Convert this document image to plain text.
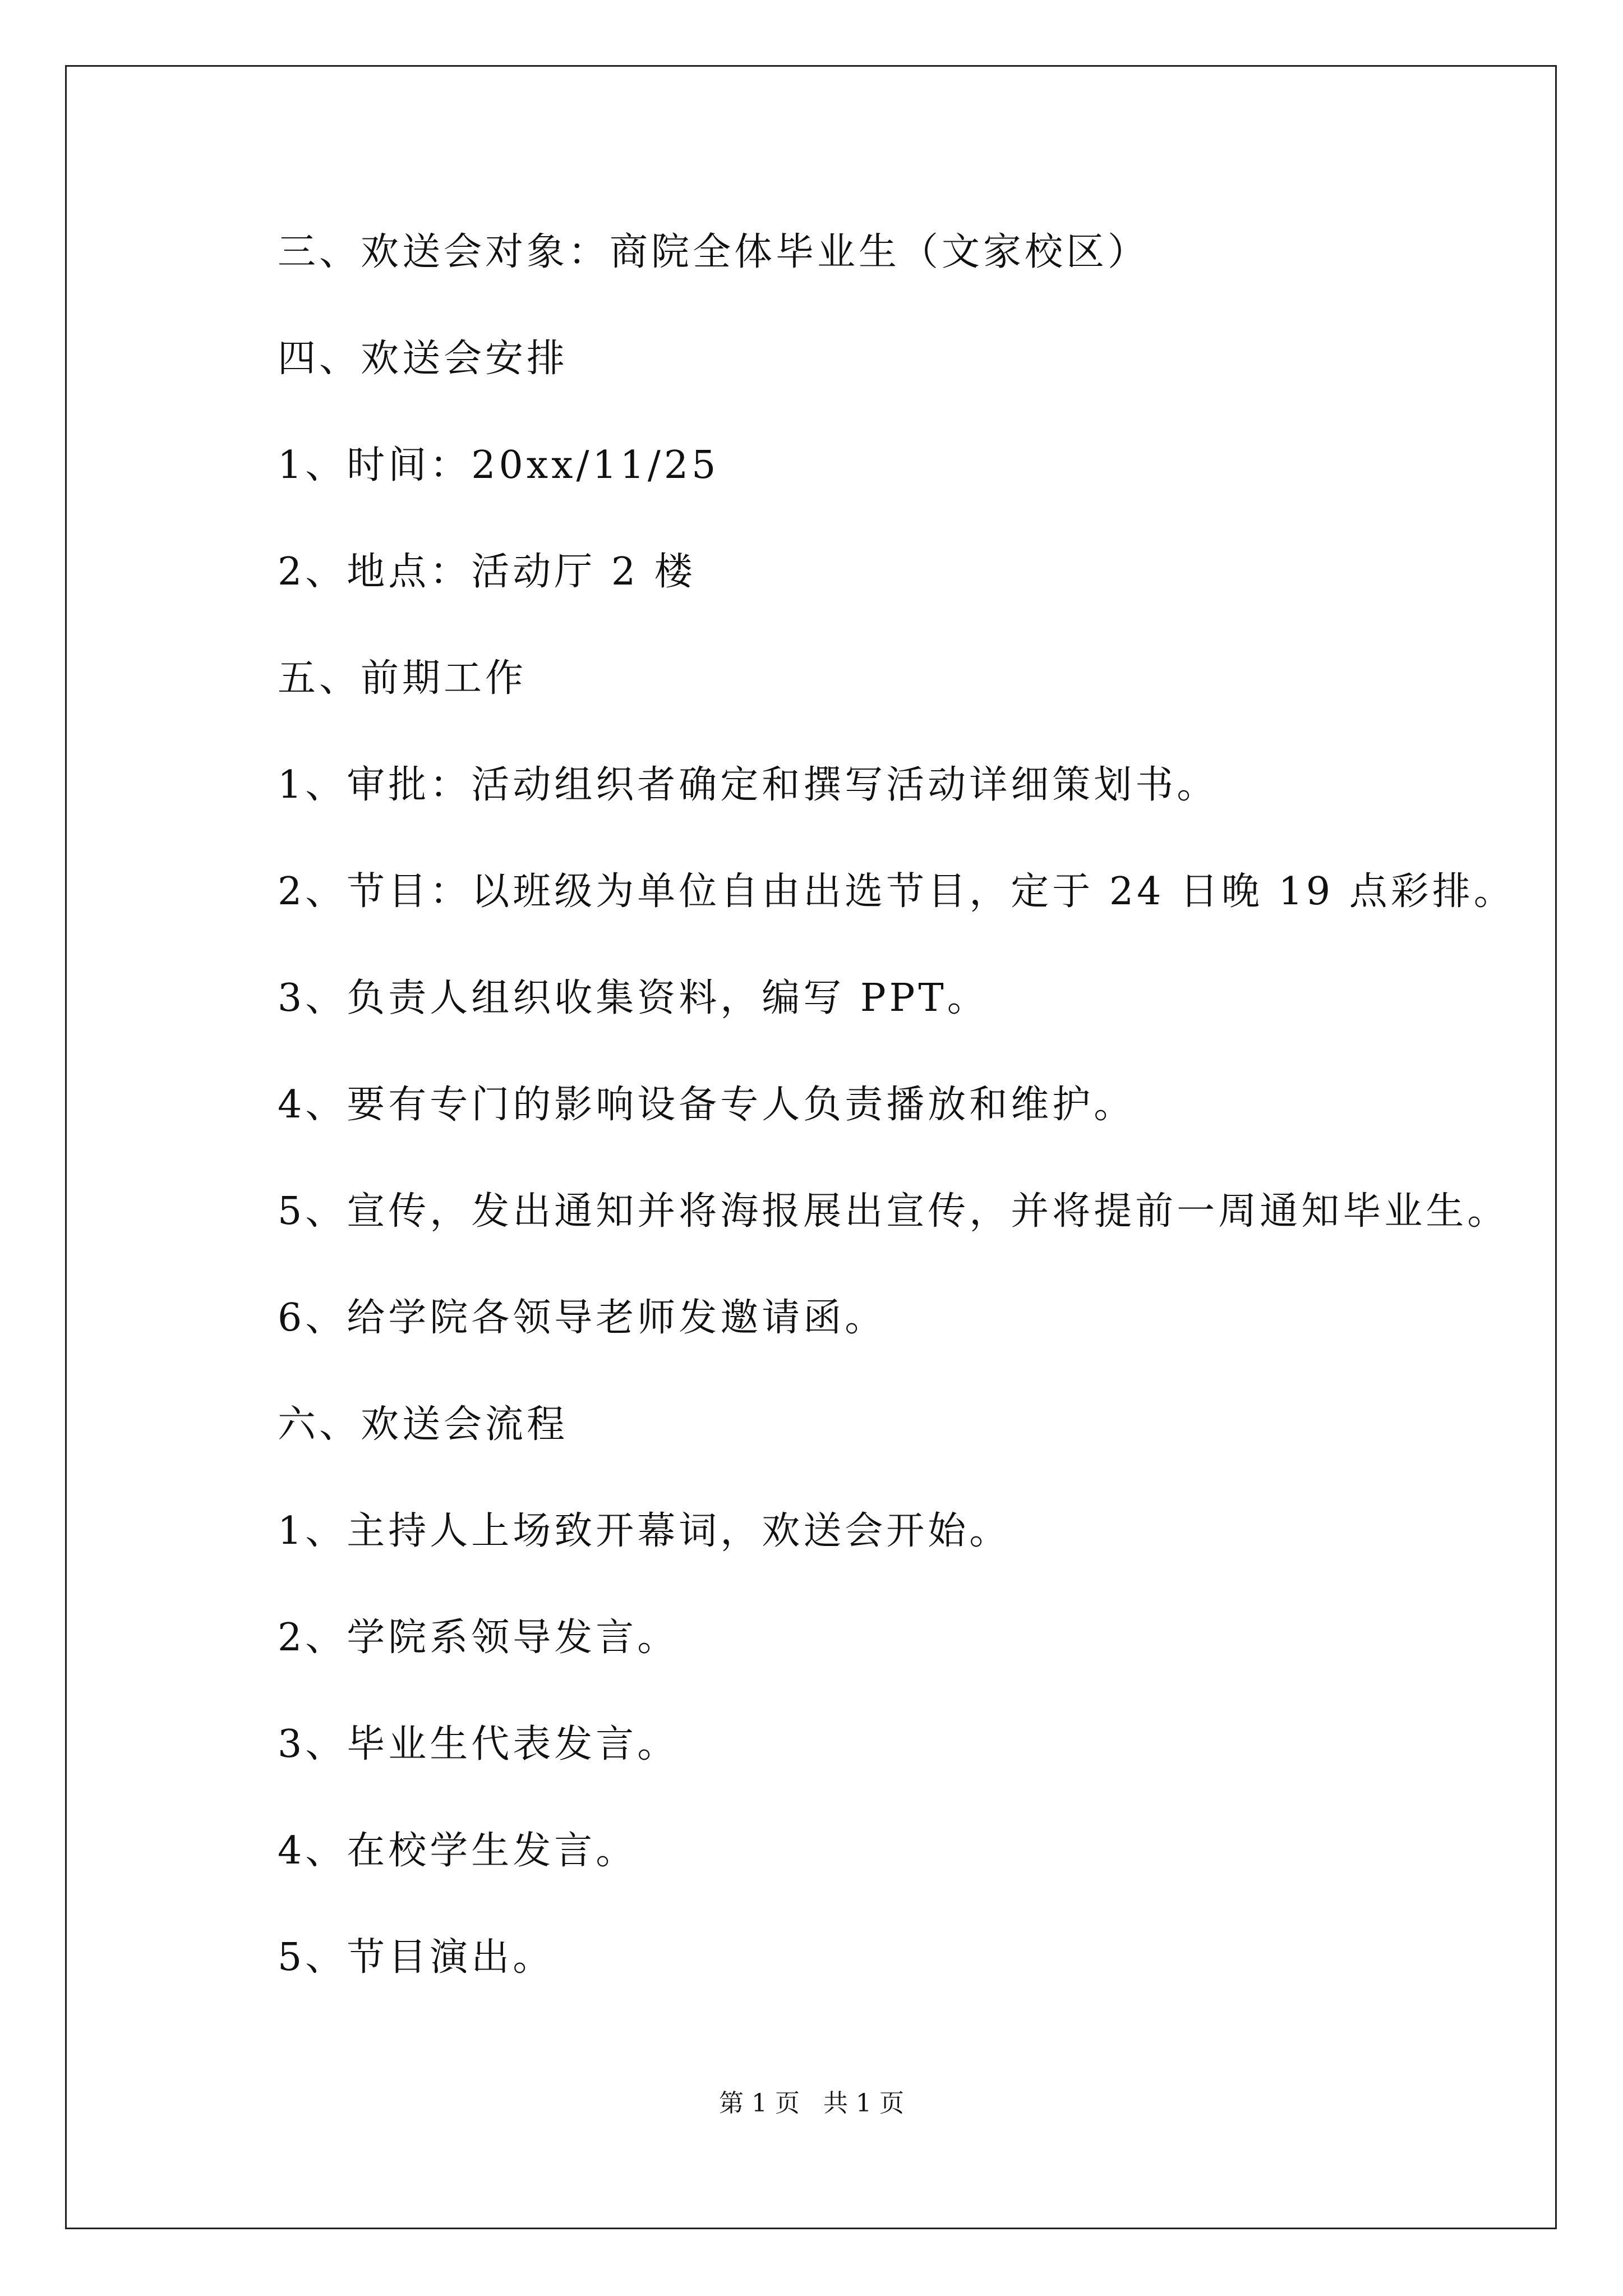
三、欢送会对象：商院全体毕业生（文家校区）
四、欢送会安排
1、时间：20xx/11/25
2、地点：活动厅 2 楼
五、前期工作
1、审批：活动组织者确定和撰写活动详细策划书。
2、节目：以班级为单位自由出选节目，定于 24 日晚 19 点彩排。
3、负责人组织收集资料，编写 PPT。
4、要有专门的影响设备专人负责播放和维护。
5、宣传，发出通知并将海报展出宣传，并将提前一周通知毕业生。
6、给学院各领导老师发邀请函。
六、欢送会流程
1、主持人上场致开幕词，欢送会开始。
2、学院系领导发言。
3、毕业生代表发言。
4、在校学生发言。
5、节目演出。
第 1 页   共 1 页
